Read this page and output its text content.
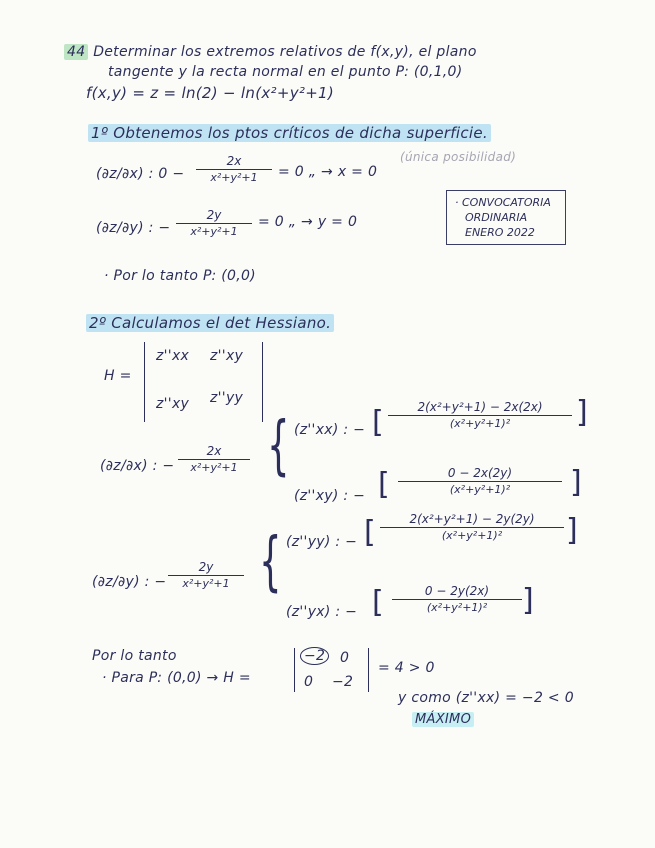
44 Determinar los extremos relativos de f(x,y), el plano
tangente y la recta normal en el punto P: (0,1,0)
f(x,y) = z = ln(2) − ln(x²+y²+1)
1º Obtenemos los ptos críticos de dicha superficie.
(∂z/∂x) : 0 −
2x
x²+y²+1	= 0 „ → x = 0
(única posibilidad)
(∂z/∂y) : −
2y
x²+y²+1
= 0 „ → y = 0
· CONVOCATORIA
ORDINARIA
ENERO 2022
· Por lo tanto P: (0,0)
2º Calculamos el det Hessiano.
H =
z''xx z''xy
z''xy z''yy
(∂z/∂x) : −
2x
x²+y²+1 { (z''xx) : − [	2(x²+y²+1) − 2x(2x)
(x²+y²+1)²	]
(z''xy) : − [	0 − 2x(2y)
(x²+y²+1)²	]
(∂z/∂y) : −
2y
x²+y²+1 { (z''yy) : − [	2(x²+y²+1) − 2y(2y)
(x²+y²+1)²	]
(z''yx) : − [	0 − 2y(2x)
(x²+y²+1)²	]
Por lo tanto
· Para P: (0,0) → H =
−2 0
0 −2
= 4 > 0
y como (z''xx) = −2 < 0
MÁXIMO
